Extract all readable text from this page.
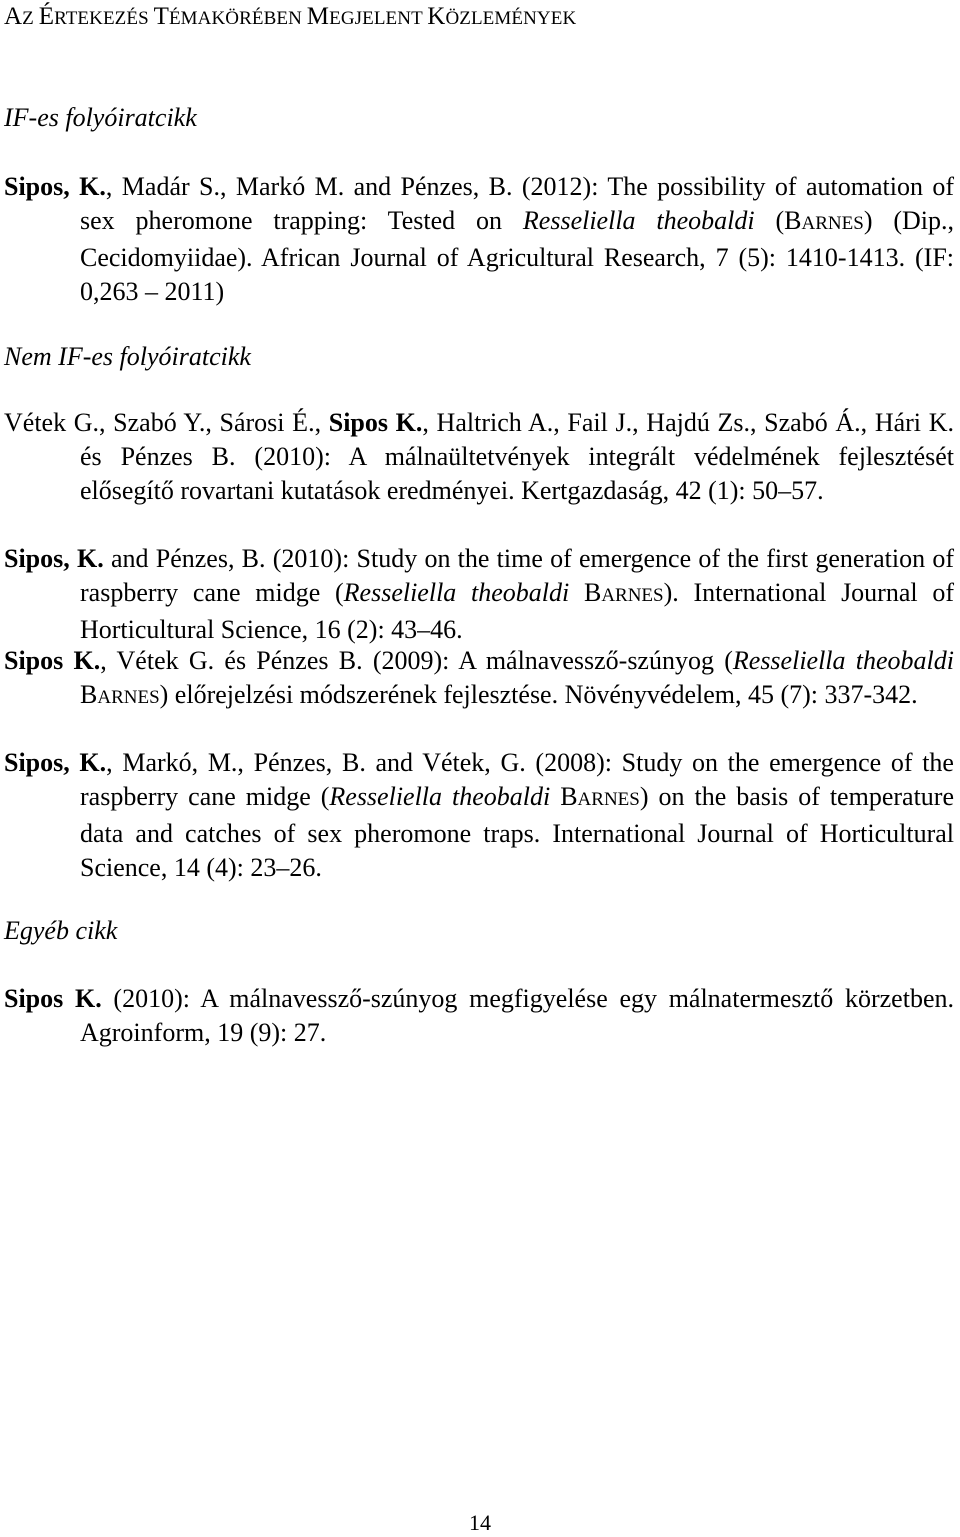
AZ ÉRTEKEZÉS TÉMAKÖRÉBEN MEGJELENT KÖZLEMÉNYEK
IF-es folyóiratcikk
Sipos, K., Madár S., Markó M. and Pénzes, B. (2012): The possibility of automation of sex pheromone trapping: Tested on Resseliella theobaldi (BARNES) (Dip., Cecidomyiidae). African Journal of Agricultural Research, 7 (5): 1410-1413. (IF: 0,263 – 2011)
Nem IF-es folyóiratcikk
Vétek G., Szabó Y., Sárosi É., Sipos K., Haltrich A., Fail J., Hajdú Zs., Szabó Á., Hári K. és Pénzes B. (2010): A málnaültetvények integrált védelmének fejlesztését elősegítő rovartani kutatások eredményei. Kertgazdaság, 42 (1): 50–57.
Sipos, K. and Pénzes, B. (2010): Study on the time of emergence of the first generation of raspberry cane midge (Resseliella theobaldi BARNES). International Journal of Horticultural Science, 16 (2): 43–46.
Sipos K., Vétek G. és Pénzes B. (2009): A málnavessző-szúnyog (Resseliella theobaldi BARNES) előrejelzési módszerének fejlesztése. Növényvédelem, 45 (7): 337-342.
Sipos, K., Markó, M., Pénzes, B. and Vétek, G. (2008): Study on the emergence of the raspberry cane midge (Resseliella theobaldi BARNES) on the basis of temperature data and catches of sex pheromone traps. International Journal of Horticultural Science, 14 (4): 23–26.
Egyéb cikk
Sipos K. (2010): A málnavessző-szúnyog megfigyelése egy málnatermesztő körzetben. Agroinform, 19 (9): 27.
14
